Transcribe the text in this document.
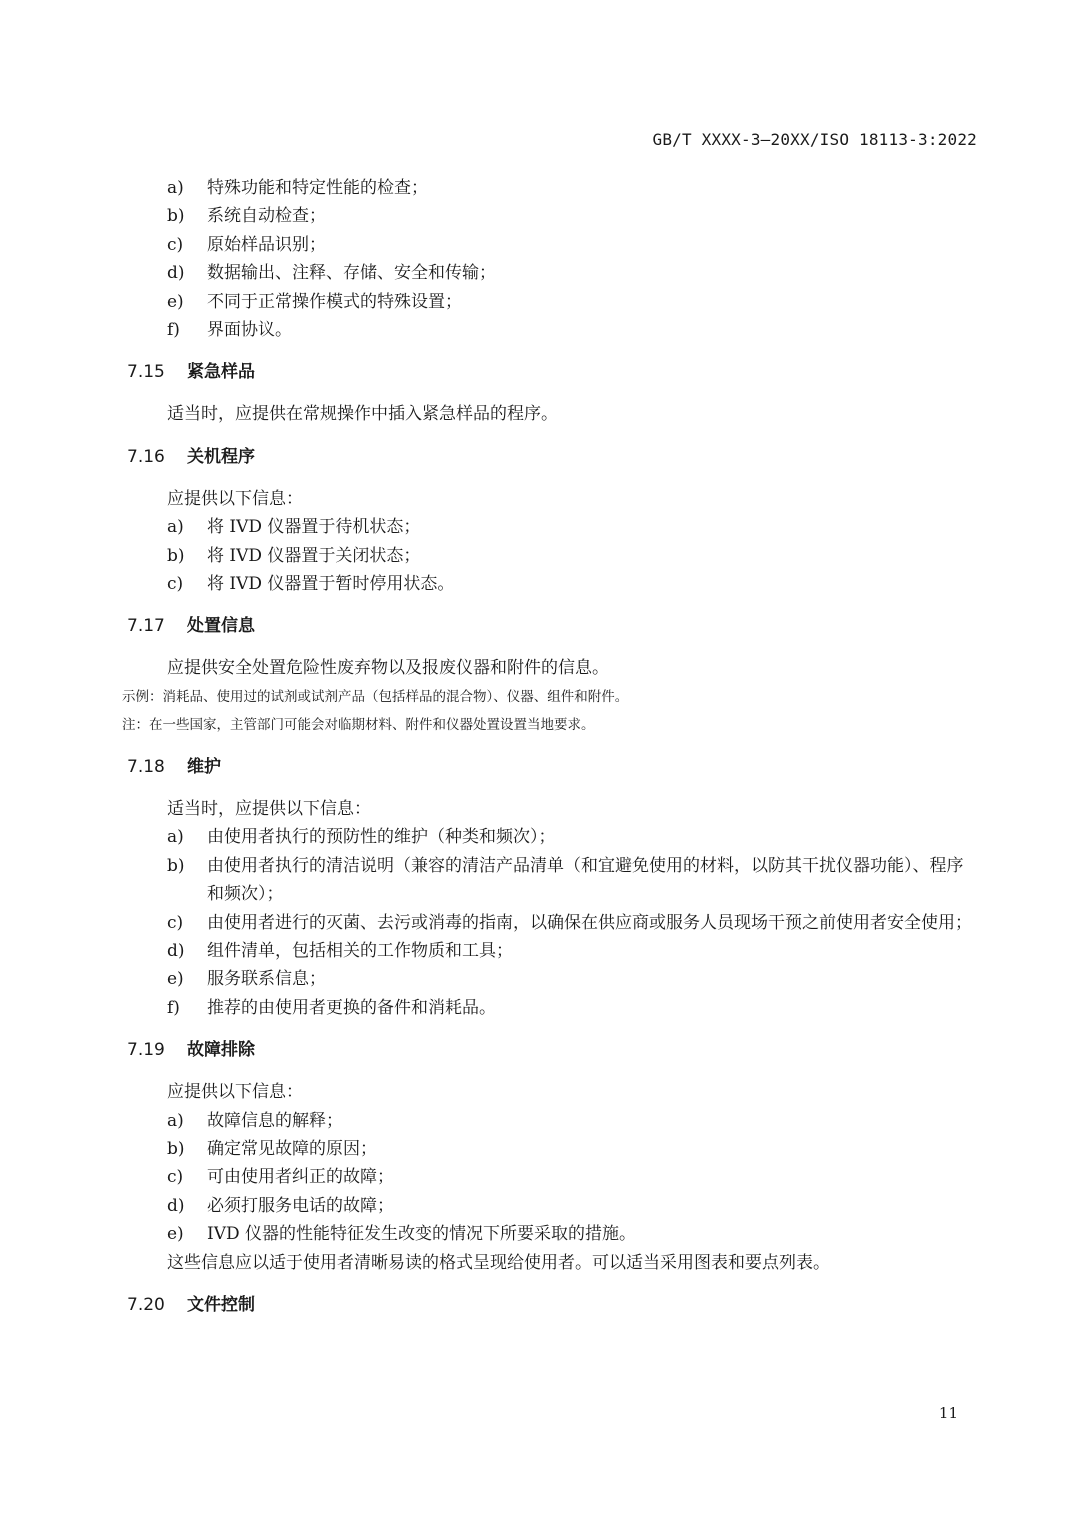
GB/T XXXX-3—20XX/ISO 18113-3:2022
a)	特殊功能和特定性能的检查；
b)	系统自动检查；
c)	原始样品识别；
d)	数据输出、注释、存储、安全和传输；
e)	不同于正常操作模式的特殊设置；
f)	界面协议。
7.15	紧急样品
适当时，应提供在常规操作中插入紧急样品的程序。
7.16	关机程序
应提供以下信息：
a)	将 IVD 仪器置于待机状态；
b)	将 IVD 仪器置于关闭状态；
c)	将 IVD 仪器置于暂时停用状态。
7.17	处置信息
应提供安全处置危险性废弃物以及报废仪器和附件的信息。
示例：消耗品、使用过的试剂或试剂产品（包括样品的混合物）、仪器、组件和附件。
注：在一些国家，主管部门可能会对临期材料、附件和仪器处置设置当地要求。
7.18	维护
适当时，应提供以下信息：
a)	由使用者执行的预防性的维护（种类和频次）；
b)	由使用者执行的清洁说明（兼容的清洁产品清单（和宜避免使用的材料，以防其干扰仪器功能）、程序和频次）；
c)	由使用者进行的灭菌、去污或消毒的指南，以确保在供应商或服务人员现场干预之前使用者安全使用；
d)	组件清单，包括相关的工作物质和工具；
e)	服务联系信息；
f)	推荐的由使用者更换的备件和消耗品。
7.19	故障排除
应提供以下信息：
a)	故障信息的解释；
b)	确定常见故障的原因；
c)	可由使用者纠正的故障；
d)	必须打服务电话的故障；
e)	IVD 仪器的性能特征发生改变的情况下所要采取的措施。
这些信息应以适于使用者清晰易读的格式呈现给使用者。可以适当采用图表和要点列表。
7.20	文件控制
11
